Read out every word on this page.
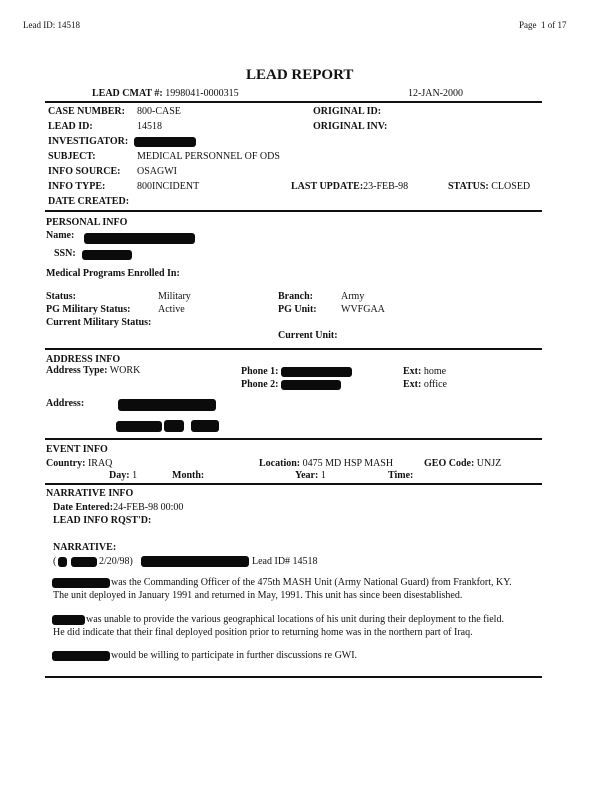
Lead ID: 14518	Page 1 of 17
LEAD REPORT
LEAD CMAT #: 1998041-0000315	12-JAN-2000
CASE NUMBER: 800-CASE	ORIGINAL ID:
LEAD ID:	14518	ORIGINAL INV:
INVESTIGATOR:
SUBJECT:	MEDICAL PERSONNEL OF ODS
INFO SOURCE: OSAGWI
INFO TYPE:	800INCIDENT	LAST UPDATE:23-FEB-98	STATUS: CLOSED
DATE CREATED:
PERSONAL INFO
Name:
SSN:
Medical Programs Enrolled In:
Status:	Military	Branch:	Army
PG Military Status:	Active	PG Unit: WVFGAA
Current Military Status:
Current Unit:
ADDRESS INFO
Address Type: WORK	Phone 1:	Ext: home
Phone 2:	Ext: office
Address:
EVENT INFO
Country: IRAQ	Location: 0475 MD HSP MASH	GEO Code: UNJZ
Day: 1	Month:	Year: 1	Time:
NARRATIVE INFO
Date Entered:24-FEB-98 00:00
LEAD INFO RQST'D:
NARRATIVE:
(	2/20/98)	Lead ID# 14518
was the Commanding Officer of the 475th MASH Unit (Army National Guard) from Frankfort, KY.
The unit deployed in January 1991 and returned in May, 1991. This unit has since been disestablished.
was unable to provide the various geographical locations of his unit during their deployment to the field.
He did indicate that their final deployed position prior to returning home was in the northern part of Iraq.
would be willing to participate in further discussions re GWI.
